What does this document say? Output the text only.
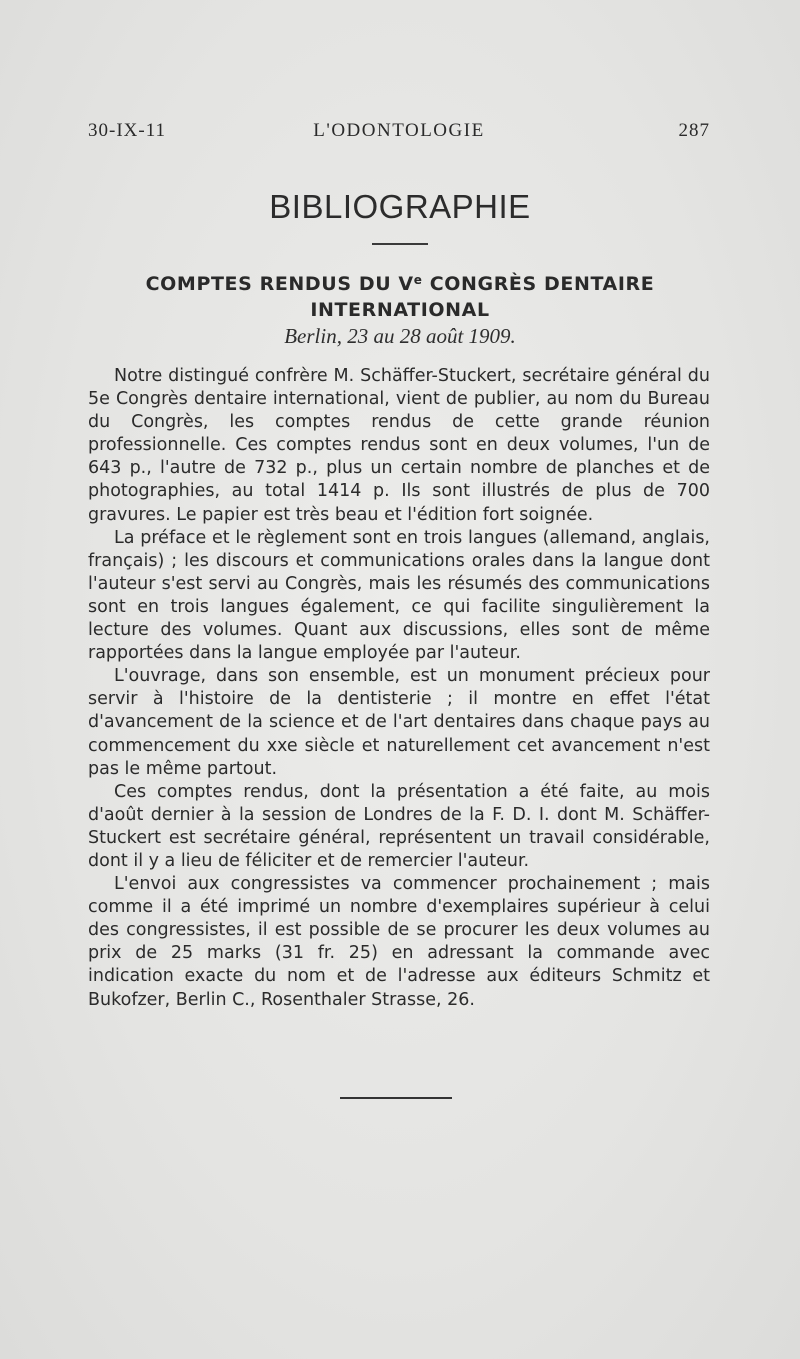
30-IX-11	L'ODONTOLOGIE	287
BIBLIOGRAPHIE
COMPTES RENDUS DU Ve CONGRÈS DENTAIRE
INTERNATIONAL
Berlin, 23 au 28 août 1909.

Notre distingué confrère M. Schäffer-Stuckert, secrétaire général du 5e Congrès dentaire international, vient de publier, au nom du Bureau du Congrès, les comptes rendus de cette grande réunion professionnelle. Ces comptes rendus sont en deux volumes, l'un de 643 p., l'autre de 732 p., plus un certain nombre de planches et de photographies, au total 1414 p. Ils sont illustrés de plus de 700 gravures. Le papier est très beau et l'édition fort soignée.

La préface et le règlement sont en trois langues (allemand, anglais, français) ; les discours et communications orales dans la langue dont l'auteur s'est servi au Congrès, mais les résumés des communications sont en trois langues également, ce qui facilite singulièrement la lecture des volumes. Quant aux discussions, elles sont de même rapportées dans la langue employée par l'auteur.

L'ouvrage, dans son ensemble, est un monument précieux pour servir à l'histoire de la dentisterie ; il montre en effet l'état d'avancement de la science et de l'art dentaires dans chaque pays au commencement du xxe siècle et naturellement cet avancement n'est pas le même partout.

Ces comptes rendus, dont la présentation a été faite, au mois d'août dernier à la session de Londres de la F. D. I. dont M. Schäffer-Stuckert est secrétaire général, représentent un travail considérable, dont il y a lieu de féliciter et de remercier l'auteur.

L'envoi aux congressistes va commencer prochainement ; mais comme il a été imprimé un nombre d'exemplaires supérieur à celui des congressistes, il est possible de se procurer les deux volumes au prix de 25 marks (31 fr. 25) en adressant la commande avec indication exacte du nom et de l'adresse aux éditeurs Schmitz et Bukofzer, Berlin C., Rosenthaler Strasse, 26.
